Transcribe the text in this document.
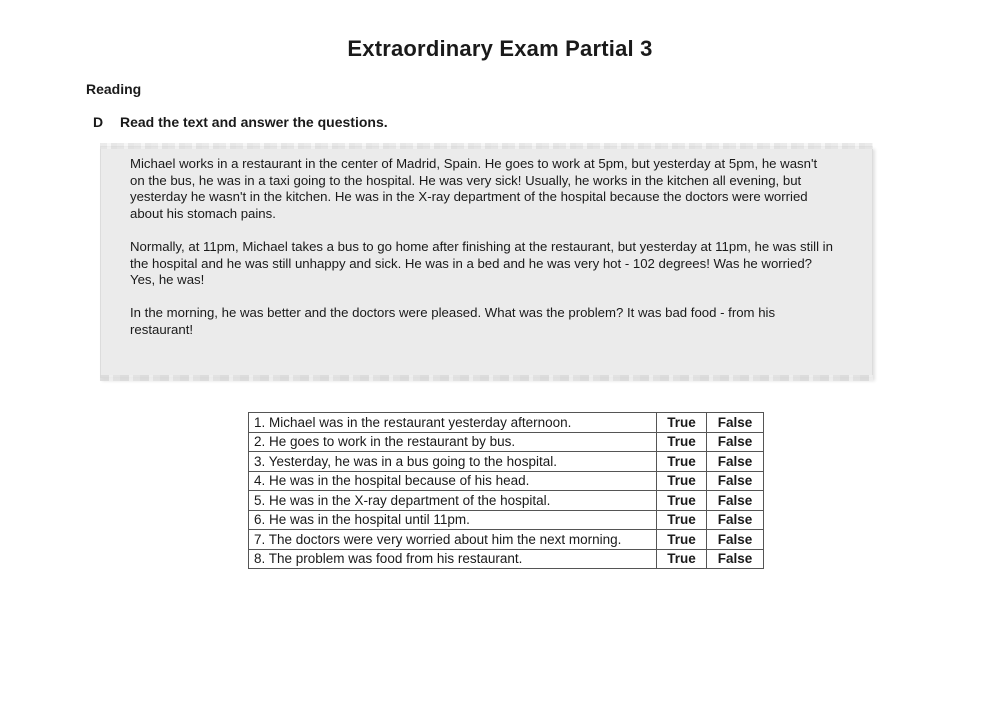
Extraordinary Exam Partial 3
Reading
D	Read the text and answer the questions.

Michael works in a restaurant in the center of Madrid, Spain. He goes to work at 5pm, but yesterday at 5pm, he wasn't on the bus, he was in a taxi going to the hospital. He was very sick! Usually, he works in the kitchen all evening, but yesterday he wasn't in the kitchen. He was in the X-ray department of the hospital because the doctors were worried about his stomach pains.

Normally, at 11pm, Michael takes a bus to go home after finishing at the restaurant, but yesterday at 11pm, he was still in the hospital and he was still unhappy and sick. He was in a bed and he was very hot - 102 degrees! Was he worried? Yes, he was!

In the morning, he was better and the doctors were pleased. What was the problem? It was bad food - from his restaurant!

1. Michael was in the restaurant yesterday afternoon.	True	False
2. He goes to work in the restaurant by bus.	True	False
3. Yesterday, he was in a bus going to the hospital.	True	False
4. He was in the hospital because of his head.	True	False
5. He was in the X-ray department of the hospital.	True	False
6. He was in the hospital until 11pm.	True	False
7. The doctors were very worried about him the next morning.	True	False
8. The problem was food from his restaurant.	True	False
